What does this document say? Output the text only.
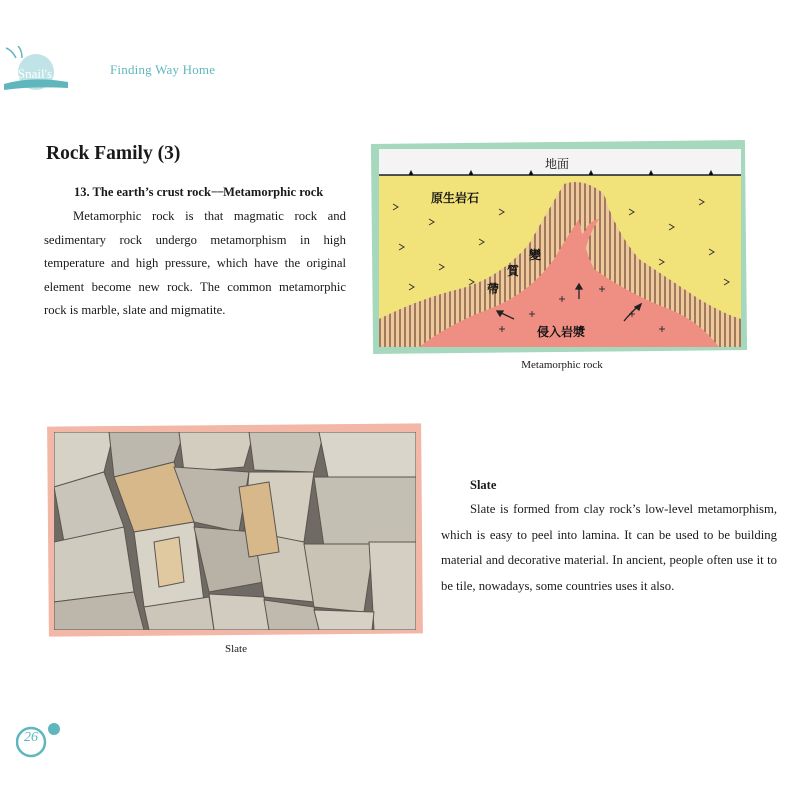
A Snail's	Finding Way Home
Rock Family (3)
13. The earth’s crust rock−−Metamorphic rock

Metamorphic rock is that magmatic rock and sedimentary rock undergo metamorphism in high temperature and high pressure, which have the original element become new rock. The common metamorphic rock is marble, slate and migmatite.

地面
原生岩石
變
質
帶
侵入岩漿
Metamorphic rock
Slate
Slate

Slate is formed from clay rock’s low-level metamorphism, which is easy to peel into lamina. It can be used to be building material and decorative material. In ancient, people often use it to be tile, nowadays, some countries uses it also.

26
